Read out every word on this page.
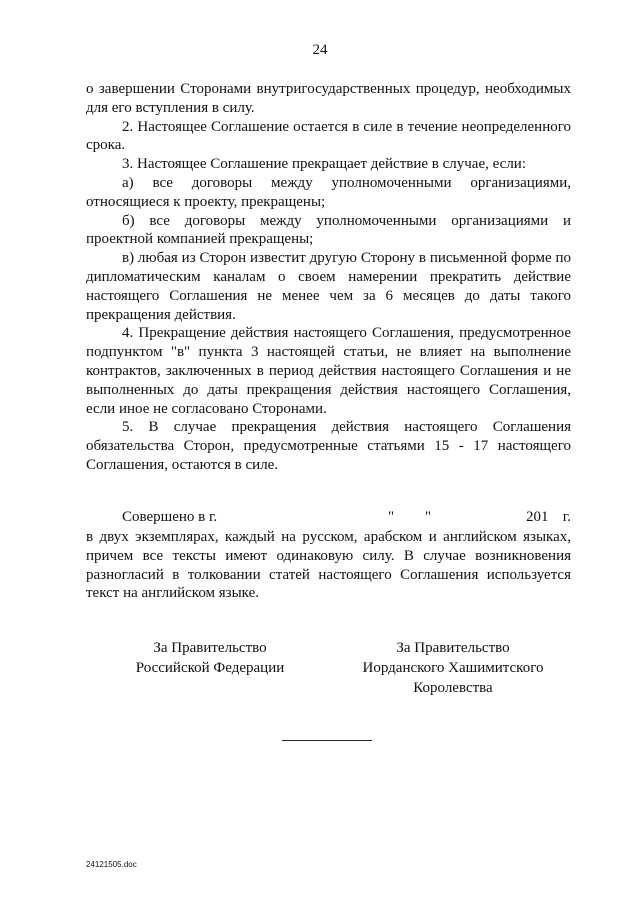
24

о завершении Сторонами внутригосударственных процедур, необходимых для его вступления в силу.

2. Настоящее Соглашение остается в силе в течение неопределенного срока.

3. Настоящее Соглашение прекращает действие в случае, если:

а) все договоры между уполномоченными организациями, относящиеся к проекту, прекращены;

б) все договоры между уполномоченными организациями и проектной компанией прекращены;

в) любая из Сторон известит другую Сторону в письменной форме по дипломатическим каналам о своем намерении прекратить действие настоящего Соглашения не менее чем за 6 месяцев до даты такого прекращения действия.

4. Прекращение действия настоящего Соглашения, предусмотренное подпунктом "в" пункта 3 настоящей статьи, не влияет на выполнение контрактов, заключенных в период действия настоящего Соглашения и не выполненных до даты прекращения действия настоящего Соглашения, если иное не согласовано Сторонами.

5. В случае прекращения действия настоящего Соглашения обязательства Сторон, предусмотренные статьями 15 - 17 настоящего Соглашения, остаются в силе.

Совершено в г.	" "	201 г.
в двух экземплярах, каждый на русском, арабском и английском языках, причем все тексты имеют одинаковую силу. В случае возникновения разногласий в толковании статей настоящего Соглашения используется текст на английском языке.
За Правительство
Российской Федерации
За Правительство
Иорданского Хашимитского
Королевства
24121505.doc
